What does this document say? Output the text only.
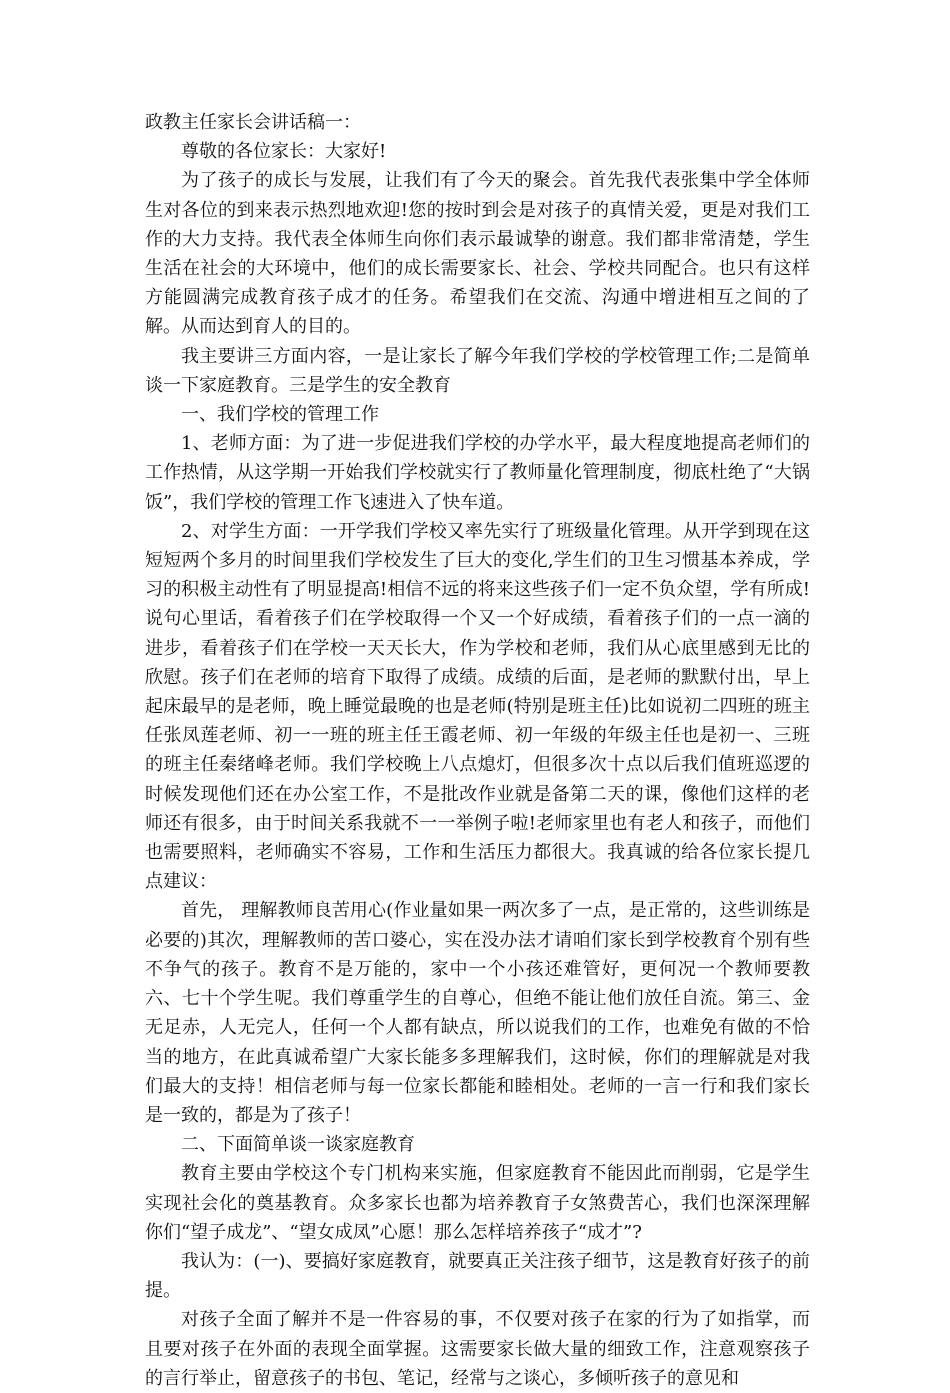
政教主任家长会讲话稿一：

尊敬的各位家长：大家好!

为了孩子的成长与发展，让我们有了今天的聚会。首先我代表张集中学全体师生对各位的到来表示热烈地欢迎!您的按时到会是对孩子的真情关爱，更是对我们工作的大力支持。我代表全体师生向你们表示最诚挚的谢意。我们都非常清楚，学生生活在社会的大环境中，他们的成长需要家长、社会、学校共同配合。也只有这样方能圆满完成教育孩子成才的任务。希望我们在交流、沟通中增进相互之间的了解。从而达到育人的目的。

我主要讲三方面内容，一是让家长了解今年我们学校的学校管理工作;二是简单谈一下家庭教育。三是学生的安全教育

一、我们学校的管理工作

1、老师方面：为了进一步促进我们学校的办学水平，最大程度地提高老师们的工作热情，从这学期一开始我们学校就实行了教师量化管理制度，彻底杜绝了“大锅饭”，我们学校的管理工作飞速进入了快车道。

2、对学生方面：一开学我们学校又率先实行了班级量化管理。从开学到现在这短短两个多月的时间里我们学校发生了巨大的变化,学生们的卫生习惯基本养成，学习的积极主动性有了明显提高!相信不远的将来这些孩子们一定不负众望，学有所成!说句心里话，看着孩子们在学校取得一个又一个好成绩，看着孩子们的一点一滴的进步，看着孩子们在学校一天天长大，作为学校和老师，我们从心底里感到无比的欣慰。孩子们在老师的培育下取得了成绩。成绩的后面，是老师的默默付出，早上起床最早的是老师，晚上睡觉最晚的也是老师(特别是班主任)比如说初二四班的班主任张凤莲老师、初一一班的班主任王霞老师、初一年级的年级主任也是初一、三班的班主任秦绪峰老师。我们学校晚上八点熄灯，但很多次十点以后我们值班巡逻的时候发现他们还在办公室工作，不是批改作业就是备第二天的课，像他们这样的老师还有很多，由于时间关系我就不一一举例子啦!老师家里也有老人和孩子，而他们也需要照料，老师确实不容易，工作和生活压力都很大。我真诚的给各位家长提几点建议：

首先， 理解教师良苦用心(作业量如果一两次多了一点，是正常的，这些训练是必要的)其次，理解教师的苦口婆心，实在没办法才请咱们家长到学校教育个别有些不争气的孩子。教育不是万能的，家中一个小孩还难管好，更何况一个教师要教六、七十个学生呢。我们尊重学生的自尊心，但绝不能让他们放任自流。第三、金无足赤，人无完人，任何一个人都有缺点，所以说我们的工作，也难免有做的不恰当的地方，在此真诚希望广大家长能多多理解我们，这时候，你们的理解就是对我们最大的支持！相信老师与每一位家长都能和睦相处。老师的一言一行和我们家长是一致的，都是为了孩子！

二、下面简单谈一谈家庭教育

教育主要由学校这个专门机构来实施，但家庭教育不能因此而削弱，它是学生实现社会化的奠基教育。众多家长也都为培养教育子女煞费苦心，我们也深深理解你们“望子成龙”、“望女成凤”心愿！那么怎样培养孩子“成才”?

我认为：(一)、要搞好家庭教育，就要真正关注孩子细节，这是教育好孩子的前提。

对孩子全面了解并不是一件容易的事，不仅要对孩子在家的行为了如指掌，而且要对孩子在外面的表现全面掌握。这需要家长做大量的细致工作，注意观察孩子的言行举止，留意孩子的书包、笔记，经常与之谈心，多倾听孩子的意见和
